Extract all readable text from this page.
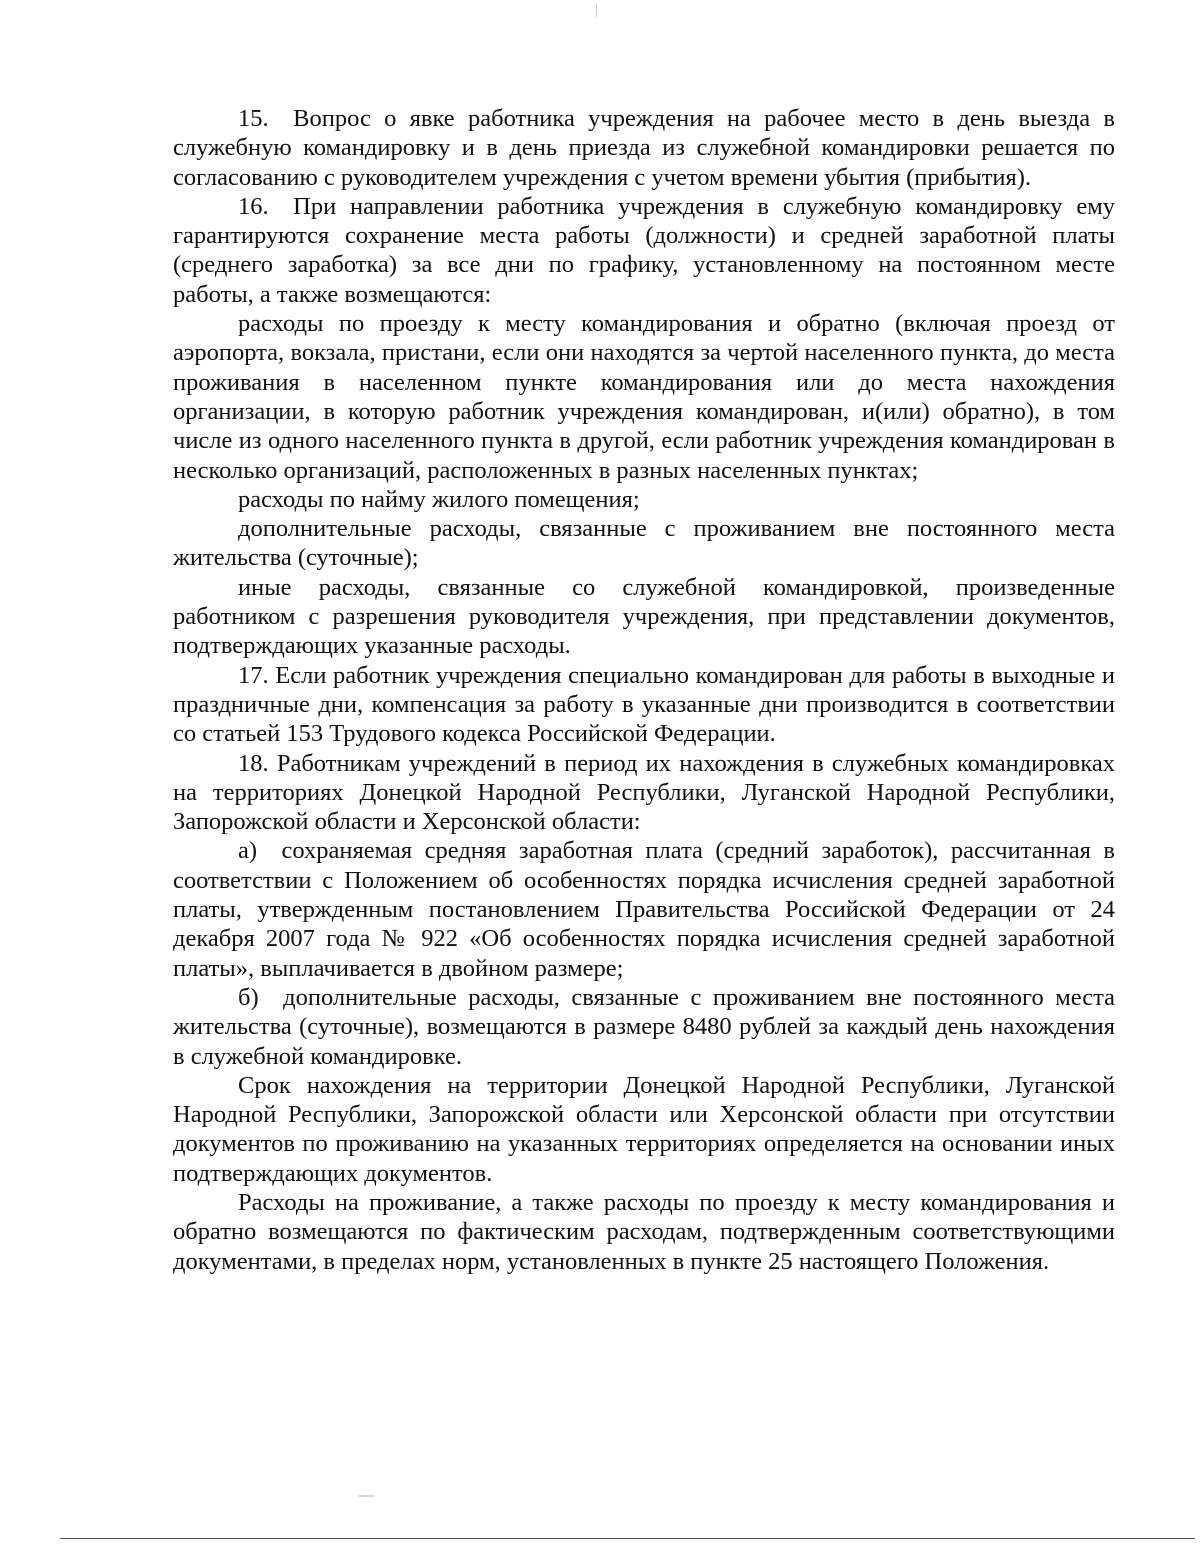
15. Вопрос о явке работника учреждения на рабочее место в день выезда в служебную командировку и в день приезда из служебной командировки решается по согласованию с руководителем учреждения с учетом времени убытия (прибытия).

16. При направлении работника учреждения в служебную командировку ему гарантируются сохранение места работы (должности) и средней заработной платы (среднего заработка) за все дни по графику, установленному на постоянном месте работы, а также возмещаются:

расходы по проезду к месту командирования и обратно (включая проезд от аэропорта, вокзала, пристани, если они находятся за чертой населенного пункта, до места проживания в населенном пункте командирования или до места нахождения организации, в которую работник учреждения командирован, и(или) обратно), в том числе из одного населенного пункта в другой, если работник учреждения командирован в несколько организаций, расположенных в разных населенных пунктах;

расходы по найму жилого помещения;

дополнительные расходы, связанные с проживанием вне постоянного места жительства (суточные);

иные расходы, связанные со служебной командировкой, произведенные работником с разрешения руководителя учреждения, при представлении документов, подтверждающих указанные расходы.

17. Если работник учреждения специально командирован для работы в выходные и праздничные дни, компенсация за работу в указанные дни производится в соответствии со статьей 153 Трудового кодекса Российской Федерации.

18. Работникам учреждений в период их нахождения в служебных командировках на территориях Донецкой Народной Республики, Луганской Народной Республики, Запорожской области и Херсонской области:

а) сохраняемая средняя заработная плата (средний заработок), рассчитанная в соответствии с Положением об особенностях порядка исчисления средней заработной платы, утвержденным постановлением Правительства Российской Федерации от 24 декабря 2007 года № 922 «Об особенностях порядка исчисления средней заработной платы», выплачивается в двойном размере;

б) дополнительные расходы, связанные с проживанием вне постоянного места жительства (суточные), возмещаются в размере 8480 рублей за каждый день нахождения в служебной командировке.

Срок нахождения на территории Донецкой Народной Республики, Луганской Народной Республики, Запорожской области или Херсонской области при отсутствии документов по проживанию на указанных территориях определяется на основании иных подтверждающих документов.

Расходы на проживание, а также расходы по проезду к месту командирования и обратно возмещаются по фактическим расходам, подтвержденным соответствующими документами, в пределах норм, установленных в пункте 25 настоящего Положения.
